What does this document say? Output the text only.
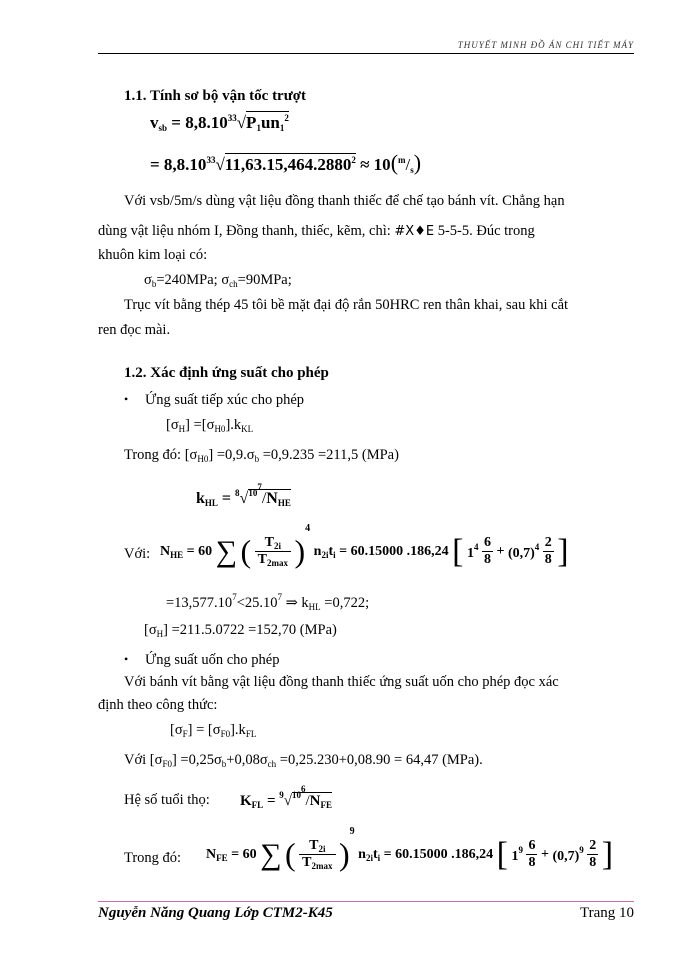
THUYẾT MINH ĐỒ ÁN CHI TIẾT MÁY
1.1. Tính sơ bộ vận tốc trượt
$v_{sb} = 8,8.10^{33}√P_1un_1^2$
= $8,8.10^{33}√11,63.15,464.2880^2 \approx 10(^m/_s)$
Với vsb/5m/s dùng vật liệu đồng thanh thiếc để chế tạo bánh vít. Chẳng hạn
dùng vật liệu nhóm I, Đồng thanh, thiếc, kẽm, chì: #X♦E 5-5-5. Đúc trong
khuôn kim loại có:
$\sigma_b=240MPa$; $\sigma_{ch}=90MPa$;
Trục vít bằng thép 45 tôi bề mặt đại độ rắn 50HRC ren thân khai, sau khi cắt
ren đọc mài.
1.2. Xác định ứng suất cho phép
• Ứng suất tiếp xúc cho phép
$[\sigma_H] =[\sigma_{H0}].k_{KL}$
Trong đó: $[\sigma_{H0}] =0,9.\sigma_b =0,9.235 =211,5$ (MPa)
$k_{HL} = ^8√^{107}/N_{HE}$
Với: $N_{HE} = 60$ ∑ ( $T_{2i}$
$T_{2max}$ )4 $n_{2i}t_i = 60.15000$ .186,24 [ $1^4 \frac{6}{8} + (0,7)^4 \frac{2}{8}$ ]
$=13,577.10^7<25.10^7$ ⇒ $k_{HL} =0,722$;
$[\sigma_H] =211.5.0722 =152,70$ (MPa)
• Ứng suất uốn cho phép
Với bánh vít bằng vật liệu đồng thanh thiếc ứng suất uốn cho phép đọc xác
định theo công thức:
$[\sigma_F] = [\sigma_{F0}].k_{FL}$
Với $[\sigma_{F0}] =0,25\sigma_b+0,08\sigma_{ch} =0,25.230+0,08.90 = 64,47$ (MPa).
Hệ số tuổi thọ: $K_{FL} = ^9√^{106}/N_{FE}$
Trong đó: $N_{FE} = 60$ ∑ ( $T_{2i}$
$T_{2max}$ )9 $n_{2i}t_i = 60.15000$ .186,24 [ $1^9 \frac{6}{8} + (0,7)^9 \frac{2}{8}$ ]
Nguyễn Năng Quang Lớp CTM2-K45	Trang 10
